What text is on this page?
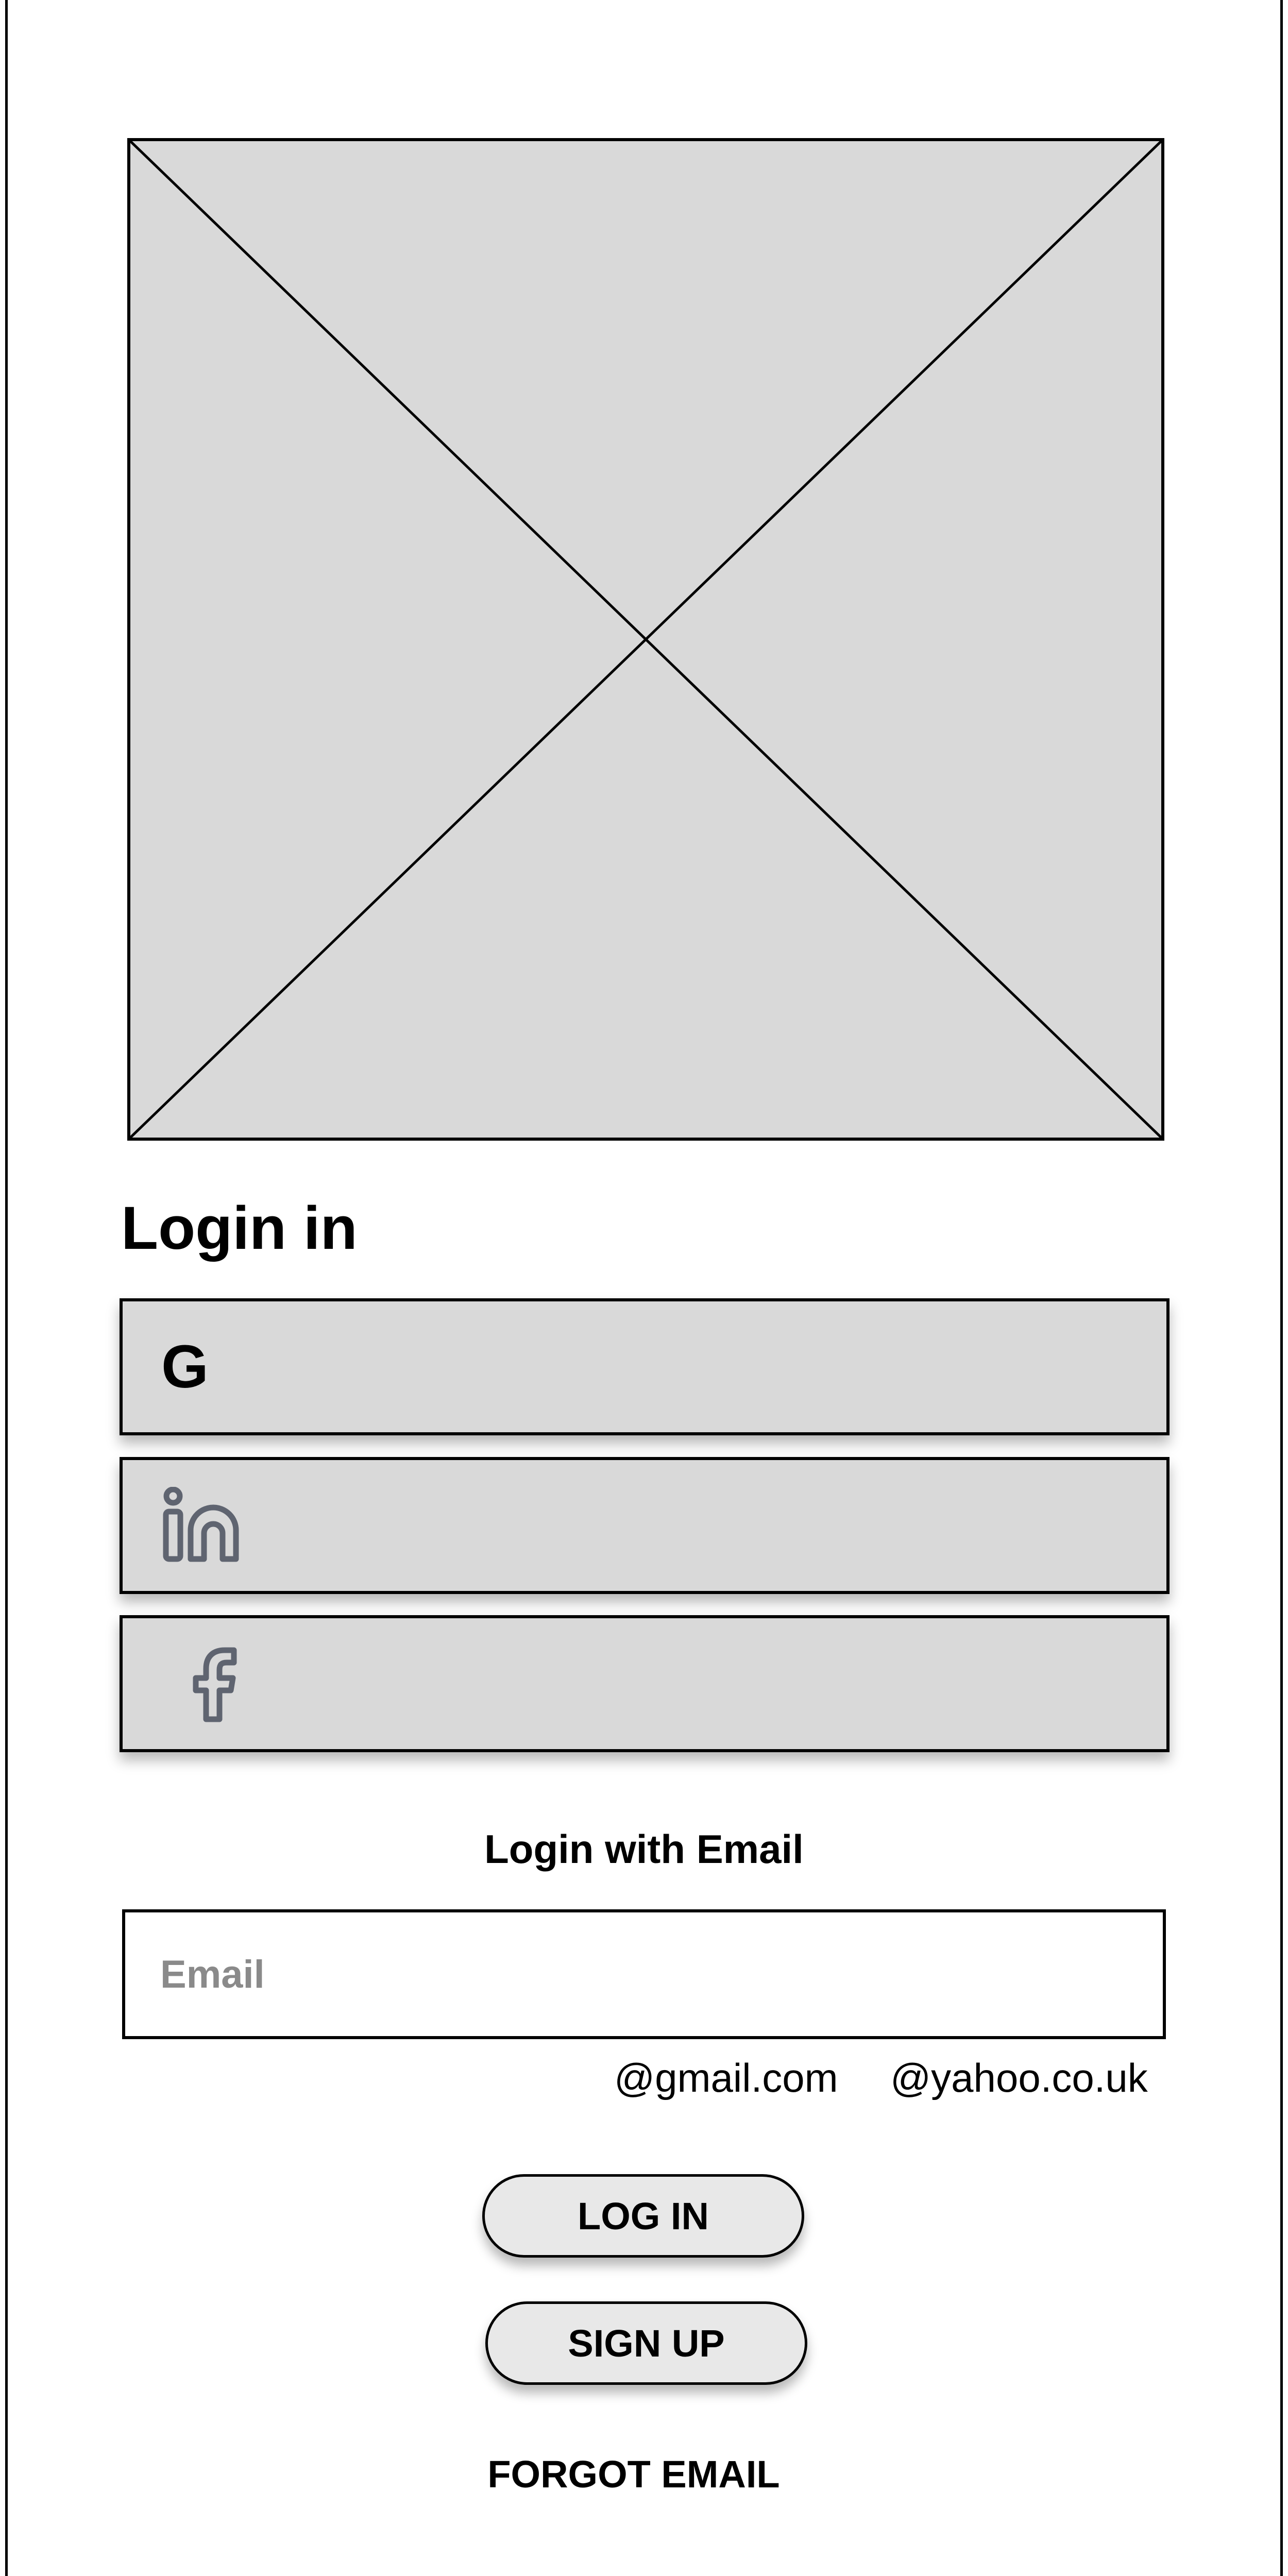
Login in
G
Login with Email
Email
@gmail.com @yahoo.co.uk
LOG IN
SIGN UP
FORGOT EMAIL
